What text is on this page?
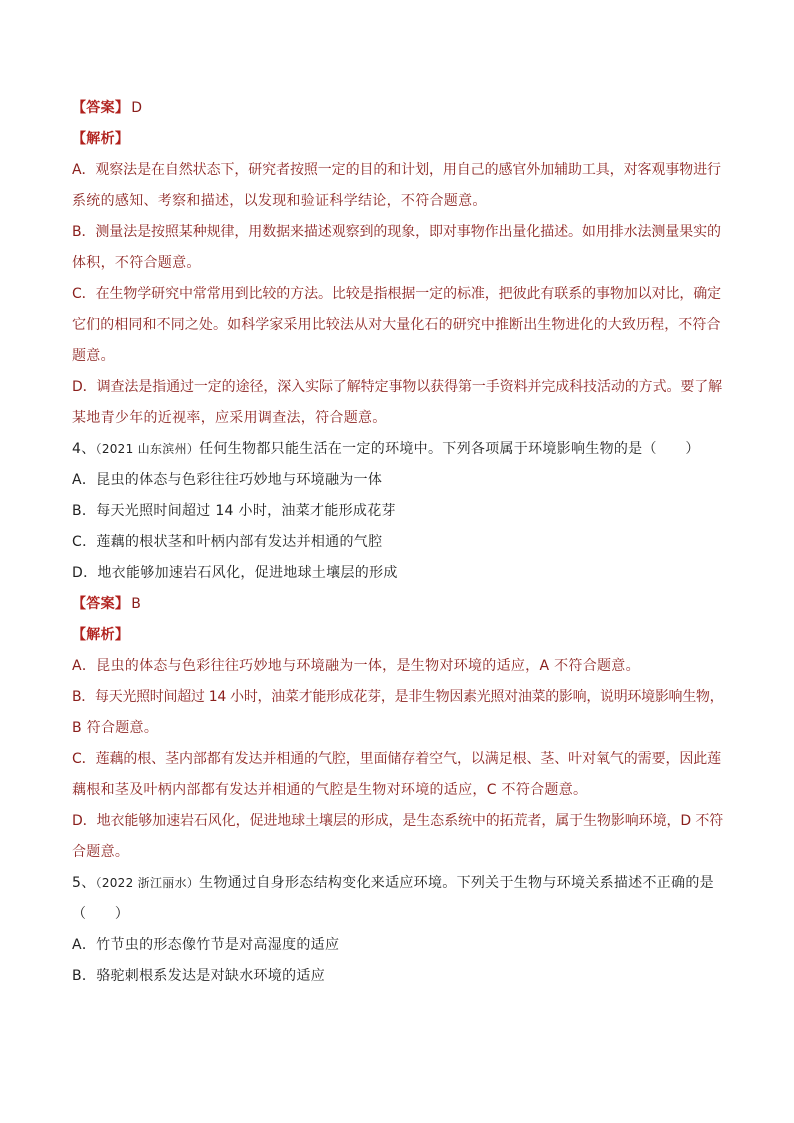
【答案】 D
【解析】
A．观察法是在自然状态下，研究者按照一定的目的和计划，用自己的感官外加辅助工具，对客观事物进行
系统的感知、考察和描述，以发现和验证科学结论，不符合题意。
B．测量法是按照某种规律，用数据来描述观察到的现象，即对事物作出量化描述。如用排水法测量果实的
体积，不符合题意。
C．在生物学研究中常常用到比较的方法。比较是指根据一定的标准，把彼此有联系的事物加以对比，确定
它们的相同和不同之处。如科学家采用比较法从对大量化石的研究中推断出生物进化的大致历程，不符合
题意。
D．调查法是指通过一定的途径，深入实际了解特定事物以获得第一手资料并完成科技活动的方式。要了解
某地青少年的近视率，应采用调查法，符合题意。
4、（2021 山东滨州）任何生物都只能生活在一定的环境中。下列各项属于环境影响生物的是（　　）
A．昆虫的体态与色彩往往巧妙地与环境融为一体
B．每天光照时间超过 14 小时，油菜才能形成花芽
C．莲藕的根状茎和叶柄内部有发达并相通的气腔
D．地衣能够加速岩石风化，促进地球土壤层的形成
【答案】 B
【解析】
A．昆虫的体态与色彩往往巧妙地与环境融为一体，是生物对环境的适应，A 不符合题意。
B．每天光照时间超过 14 小时，油菜才能形成花芽，是非生物因素光照对油菜的影响，说明环境影响生物，
B 符合题意。
C．莲藕的根、茎内部都有发达并相通的气腔，里面储存着空气，以满足根、茎、叶对氧气的需要，因此莲
藕根和茎及叶柄内部都有发达并相通的气腔是生物对环境的适应，C 不符合题意。
D．地衣能够加速岩石风化，促进地球土壤层的形成，是生态系统中的拓荒者，属于生物影响环境，D 不符
合题意。
5、（2022 浙江丽水）生物通过自身形态结构变化来适应环境。下列关于生物与环境关系描述不正确的是
（　　）
A．竹节虫的形态像竹节是对高湿度的适应
B．骆驼刺根系发达是对缺水环境的适应
